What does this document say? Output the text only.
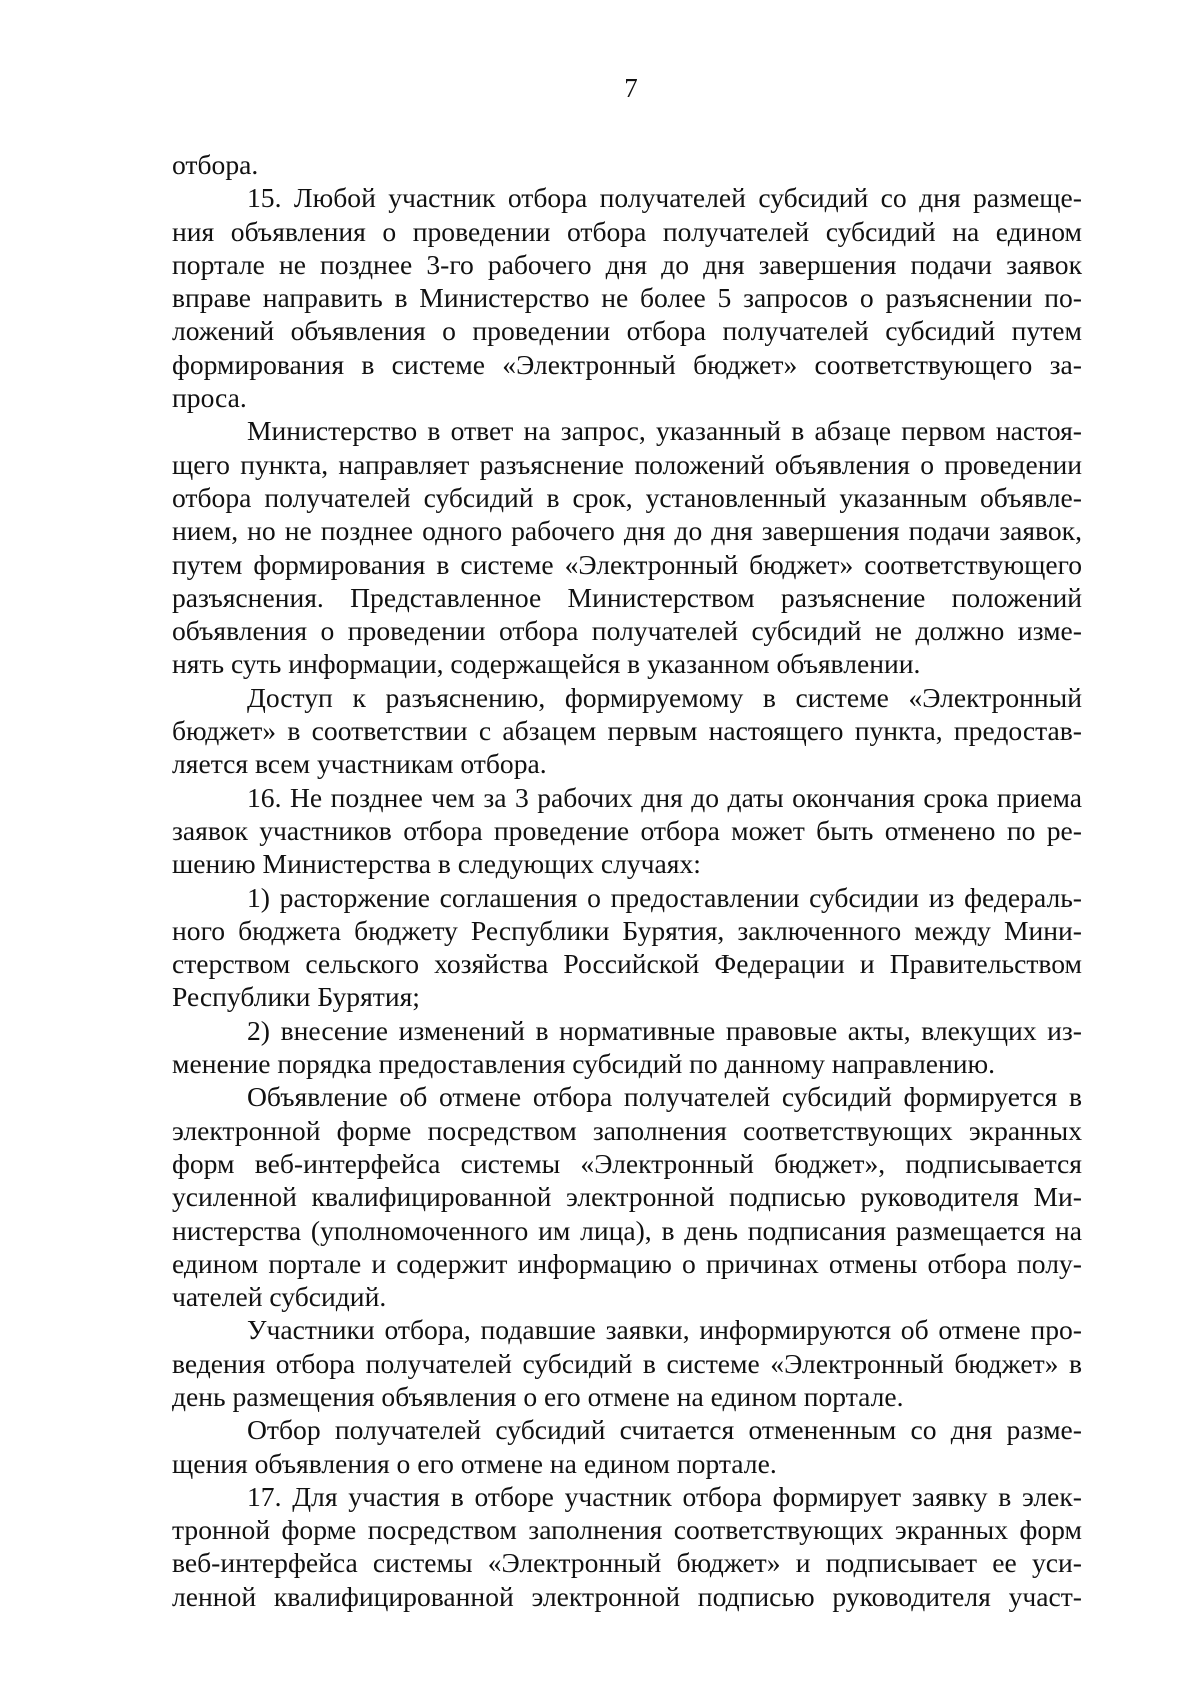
7
отбора.
15. Любой участник отбора получателей субсидий со дня размеще-
ния объявления о проведении отбора получателей субсидий на едином
портале не позднее 3-го рабочего дня до дня завершения подачи заявок
вправе направить в Министерство не более 5 запросов о разъяснении по-
ложений объявления о проведении отбора получателей субсидий путем
формирования в системе «Электронный бюджет» соответствующего за-
проса.
Министерство в ответ на запрос, указанный в абзаце первом настоя-
щего пункта, направляет разъяснение положений объявления о проведении
отбора получателей субсидий в срок, установленный указанным объявле-
нием, но не позднее одного рабочего дня до дня завершения подачи заявок,
путем формирования в системе «Электронный бюджет» соответствующего
разъяснения. Представленное Министерством разъяснение положений
объявления о проведении отбора получателей субсидий не должно изме-
нять суть информации, содержащейся в указанном объявлении.
Доступ к разъяснению, формируемому в системе «Электронный
бюджет» в соответствии с абзацем первым настоящего пункта, предостав-
ляется всем участникам отбора.
16. Не позднее чем за 3 рабочих дня до даты окончания срока приема
заявок участников отбора проведение отбора может быть отменено по ре-
шению Министерства в следующих случаях:
1) расторжение соглашения о предоставлении субсидии из федераль-
ного бюджета бюджету Республики Бурятия, заключенного между Мини-
стерством сельского хозяйства Российской Федерации и Правительством
Республики Бурятия;
2) внесение изменений в нормативные правовые акты, влекущих из-
менение порядка предоставления субсидий по данному направлению.
Объявление об отмене отбора получателей субсидий формируется в
электронной форме посредством заполнения соответствующих экранных
форм веб-интерфейса системы «Электронный бюджет», подписывается
усиленной квалифицированной электронной подписью руководителя Ми-
нистерства (уполномоченного им лица), в день подписания размещается на
едином портале и содержит информацию о причинах отмены отбора полу-
чателей субсидий.
Участники отбора, подавшие заявки, информируются об отмене про-
ведения отбора получателей субсидий в системе «Электронный бюджет» в
день размещения объявления о его отмене на едином портале.
Отбор получателей субсидий считается отмененным со дня разме-
щения объявления о его отмене на едином портале.
17. Для участия в отборе участник отбора формирует заявку в элек-
тронной форме посредством заполнения соответствующих экранных форм
веб-интерфейса системы «Электронный бюджет» и подписывает ее уси-
ленной квалифицированной электронной подписью руководителя участ-
